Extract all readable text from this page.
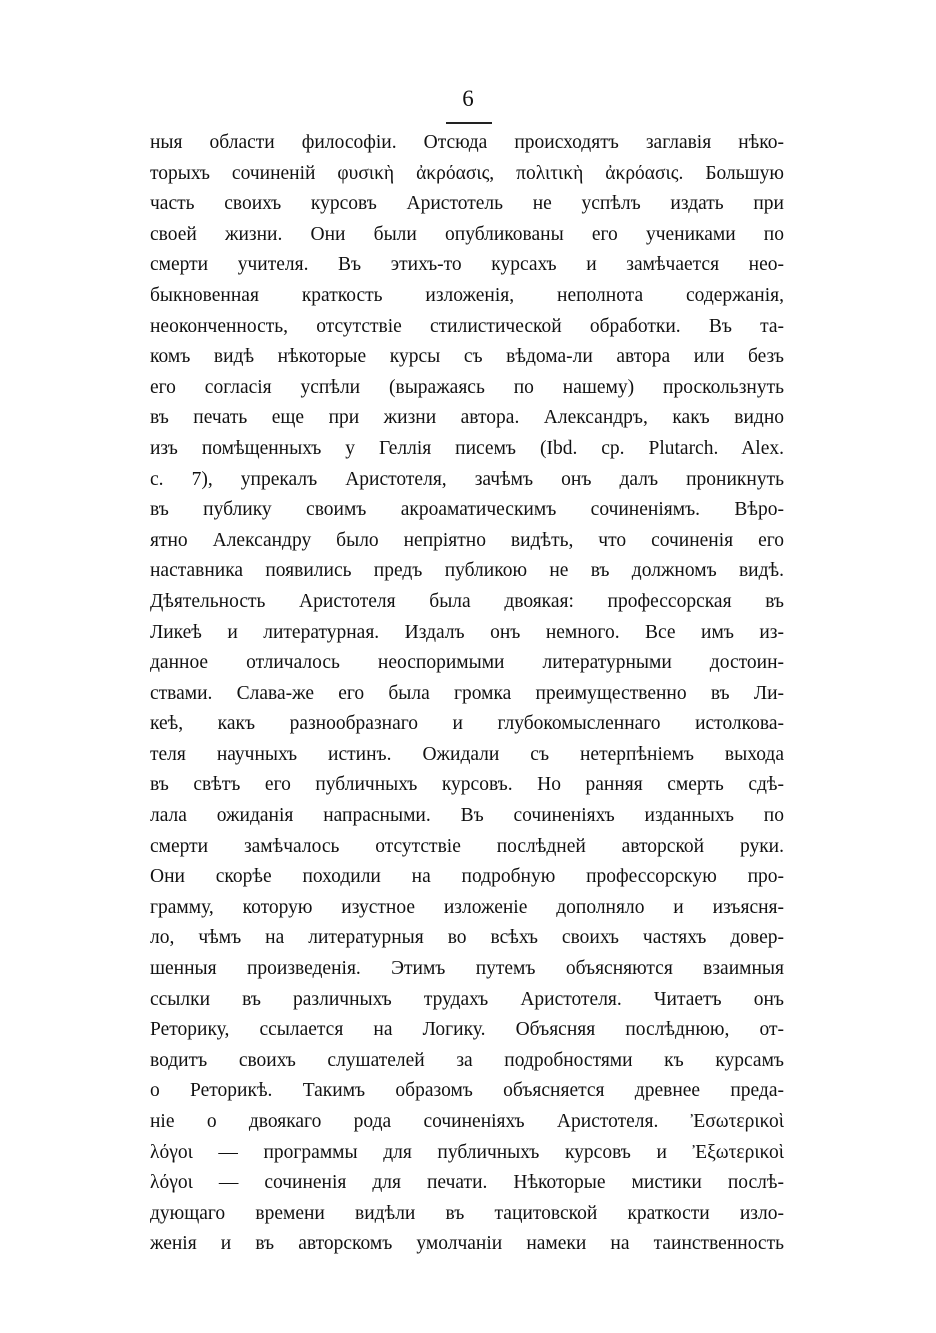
6
ныя области философіи. Отсюда происходятъ заглавія нѣко-
торыхъ сочиненій φυσικὴ ἀκρόασις, πολιτικὴ ἀκρόασις. Большую
часть своихъ курсовъ Аристотель не успѣлъ издать при
своей жизни. Они были опубликованы его учениками по
смерти учителя. Въ этихъ-то курсахъ и замѣчается нео-
быкновенная краткость изложенія, неполнота содержанія,
неоконченность, отсутствіе стилистической обработки. Въ та-
комъ видѣ нѣкоторые курсы съ вѣдома-ли автора или безъ
его согласія успѣли (выражаясь по нашему) проскользнуть
въ печать еще при жизни автора. Александръ, какъ видно
изъ помѣщенныхъ у Геллія писемъ (Ibd. cp. Plutarch. Alex.
c. 7), упрекалъ Аристотеля, зачѣмъ онъ далъ проникнуть
въ публику своимъ акроаматическимъ сочиненіямъ. Вѣро-
ятно Александру было непріятно видѣть, что сочиненія его
наставника появились предъ публикою не въ должномъ видѣ.
Дѣятельность Аристотеля была двоякая: профессорская въ
Ликеѣ и литературная. Издалъ онъ немного. Все имъ из-
данное отличалось неоспоримыми литературными достоин-
ствами. Слава-же его была громка преимущественно въ Ли-
кеѣ, какъ разнообразнаго и глубокомысленнаго истолкова-
теля научныхъ истинъ. Ожидали съ нетерпѣніемъ выхода
въ свѣтъ его публичныхъ курсовъ. Но ранняя смерть сдѣ-
лала ожиданія напрасными. Въ сочиненіяхъ изданныхъ по
смерти замѣчалось отсутствіе послѣдней авторской руки.
Они скорѣе походили на подробную профессорскую про-
грамму, которую изустное изложеніе дополняло и изъясня-
ло, чѣмъ на литературныя во всѣхъ своихъ частяхъ довер-
шенныя произведенія. Этимъ путемъ объясняются взаимныя
ссылки въ различныхъ трудахъ Аристотеля. Читаетъ онъ
Реторику, ссылается на Логику. Объясняя послѣднюю, от-
водитъ своихъ слушателей за подробностями къ курсамъ
о Реторикѣ. Такимъ образомъ объясняется древнее преда-
ніе о двоякаго рода сочиненіяхъ Аристотеля. Ἐσωτερικοὶ
λόγοι — программы для публичныхъ курсовъ и Ἐξωτερικοὶ
λόγοι — сочиненія для печати. Нѣкоторые мистики послѣ-
дующаго времени видѣли въ тацитовской краткости изло-
женія и въ авторскомъ умолчаніи намеки на таинственность
